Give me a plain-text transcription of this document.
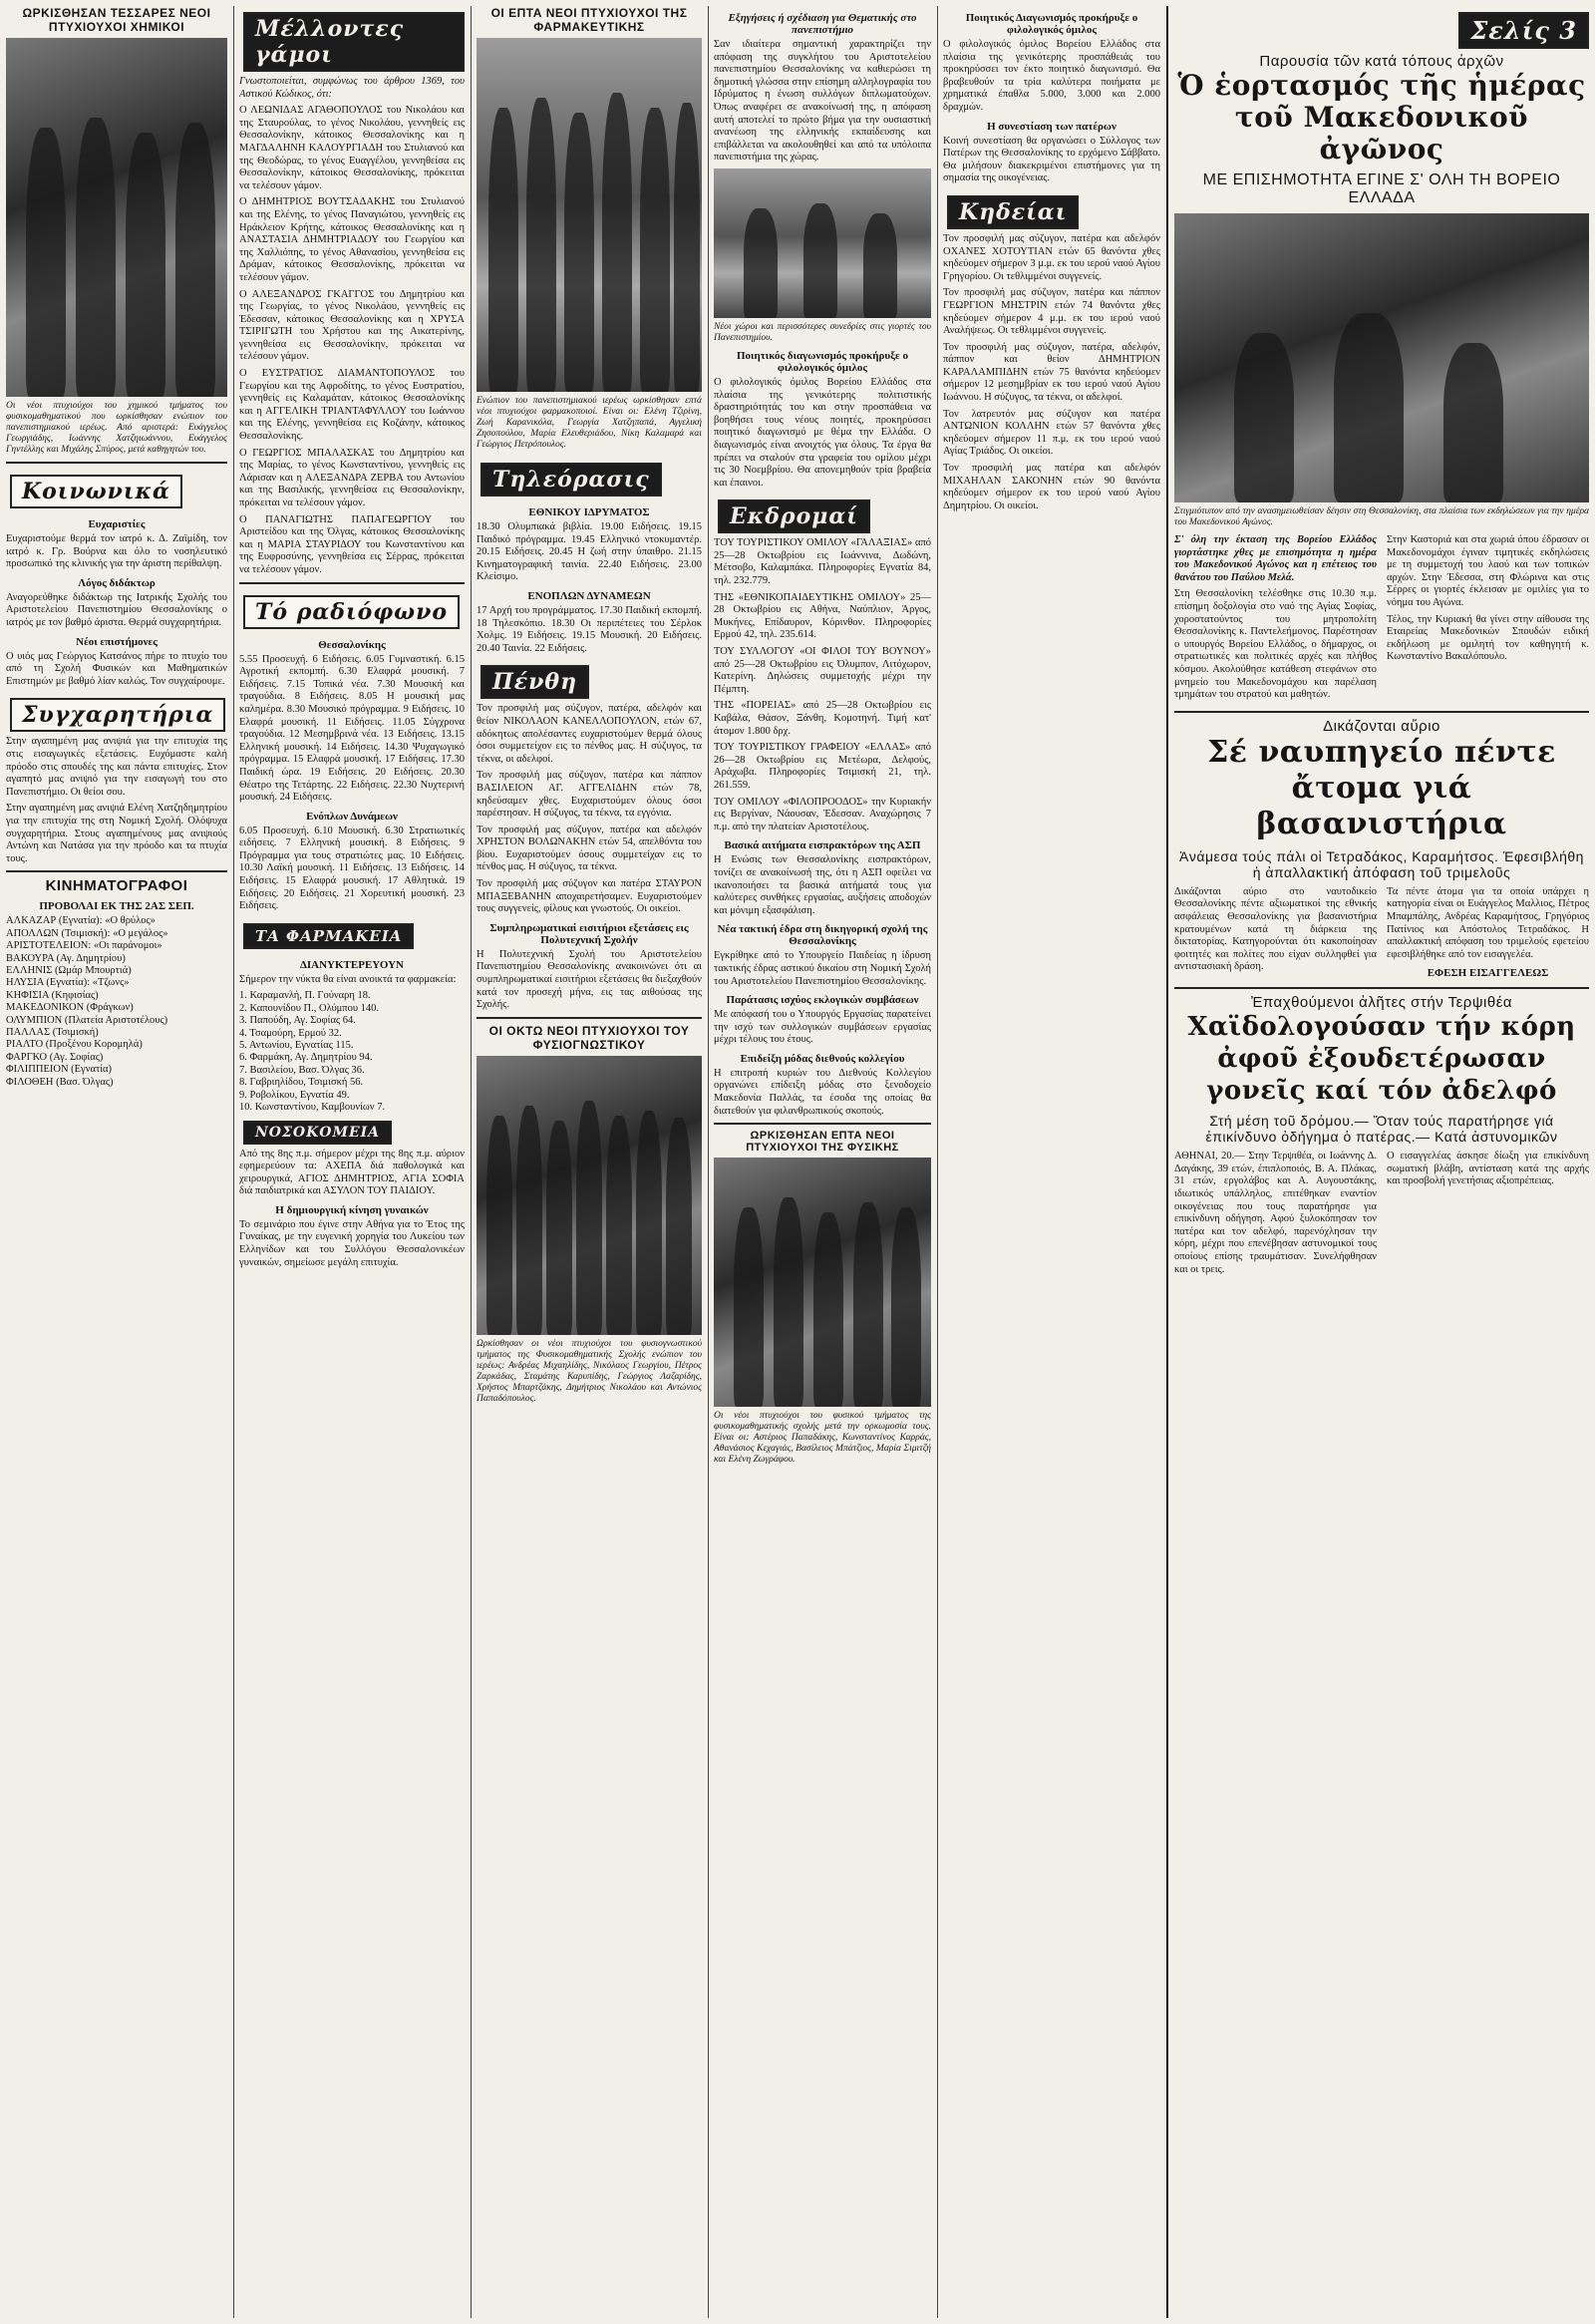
ΩΡΚΙΣΘΗΣΑΝ ΤΕΣΣΑΡΕΣ ΝΕΟΙ ΠΤΥΧΙΟΥΧΟΙ ΧΗΜΙΚΟΙ
Οι νέοι πτυχιούχοι του χημικού τμήματος του φυσικομαθηματικού που ωρκίσθησαν ενώπιον του πανεπιστημιακού ιερέως. Από αριστερά: Ευάγγελος Γεωργιάδης, Ιωάννης Χατζηιωάννου, Ευάγγελος Γηντέλλης και Μιχάλης Σπύρος, μετά καθηγητών του.
Κοινωνικά
Ευχαριστίες

Ευχαριστούμε θερμά τον ιατρό κ. Δ. Ζαϊμίδη, τον ιατρό κ. Γρ. Βούρνα και όλο το νοσηλευτικό προσωπικό της κλινικής για την άριστη περίθαλψη.

Λόγος διδάκτωρ

Αναγορεύθηκε διδάκτωρ της Ιατρικής Σχολής του Αριστοτελείου Πανεπιστημίου Θεσσαλονίκης ο ιατρός με τον βαθμό άριστα. Θερμά συγχαρητήρια.

Νέοι επιστήμονες

Ο υιός μας Γεώργιος Κατσάνος πήρε το πτυχίο του από τη Σχολή Φυσικών και Μαθηματικών Επιστημών με βαθμό λίαν καλώς. Τον συγχαίρουμε.

Συγχαρητήρια

Στην αγαπημένη μας ανιψιά για την επιτυχία της στις εισαγωγικές εξετάσεις. Ευχόμαστε καλή πρόοδο στις σπουδές της και πάντα επιτυχίες. Στον αγαπητό μας ανιψιό για την εισαγωγή του στο Πανεπιστήμιο. Οι θείοι σου.

Στην αγαπημένη μας ανιψιά Ελένη Χατζηδημητρίου για την επιτυχία της στη Νομική Σχολή. Ολόψυχα συγχαρητήρια. Στους αγαπημένους μας ανιψιούς Αντώνη και Νατάσα για την πρόοδο και τα πτυχία τους.

ΚΙΝΗΜΑΤΟΓΡΑΦΟΙ
ΠΡΟΒΟΛΑΙ ΕΚ ΤΗΣ 2ΑΣ ΣΕΠ.
ΑΛΚΑΖΑΡ (Εγνατία): «Ο θρύλος»
ΑΠΟΛΛΩΝ (Τσιμισκή): «Ο μεγάλος»
ΑΡΙΣΤΟΤΕΛΕΙΟΝ: «Οι παράνομοι»
ΒΑΚΟΥΡΑ (Αγ. Δημητρίου)
ΕΛΛΗΝΙΣ (Ωμάρ Μπουρτιά)
ΗΛΥΣΙΑ (Εγνατία): «Τζωνς»
ΚΗΦΙΣΙΑ (Κηφισίας)
ΜΑΚΕΔΟΝΙΚΟΝ (Φράγκων)
ΟΛΥΜΠΙΟΝ (Πλατεία Αριστοτέλους)
ΠΑΛΛΑΣ (Τσιμισκή)
ΡΙΑΛΤΟ (Προξένου Κορομηλά)
ΦΑΡΓΚΟ (Αγ. Σοφίας)
ΦΙΛΙΠΠΕΙΟΝ (Εγνατία)
ΦΙΛΟΘΕΗ (Βασ. Όλγας)
Μέλλοντες γάμοι

Γνωστοποιείται, συμφώνως του άρθρου 1369, του Αστικού Κώδικος, ότι:

Ο ΛΕΩΝΙΔΑΣ ΑΓΑΘΟΠΟΥΛΟΣ του Νικολάου και της Σταυρούλας, το γένος Νικολάου, γεννηθείς εις Θεσσαλονίκην, κάτοικος Θεσσαλονίκης και η ΜΑΓΔΑΛΗΝΗ ΚΑΛΟΥΡΓΙΑΔΗ του Στυλιανού και της Θεοδώρας, το γένος Ευαγγέλου, γεννηθείσα εις Θεσσαλονίκην, κάτοικος Θεσσαλονίκης, πρόκειται να τελέσουν γάμον.

Ο ΔΗΜΗΤΡΙΟΣ ΒΟΥΤΣΑΔΑΚΗΣ του Στυλιανού και της Ελένης, το γένος Παναγιώτου, γεννηθείς εις Ηράκλειον Κρήτης, κάτοικος Θεσσαλονίκης και η ΑΝΑΣΤΑΣΙΑ ΔΗΜΗΤΡΙΑΔΟΥ του Γεωργίου και της Χαλλιόπης, το γένος Αθανασίου, γεννηθείσα εις Δράμαν, κάτοικος Θεσσαλονίκης, πρόκειται να τελέσουν γάμον.

Ο ΑΛΕΞΑΝΔΡΟΣ ΓΚΑΓΓΟΣ του Δημητρίου και της Γεωργίας, το γένος Νικολάου, γεννηθείς εις Έδεσσαν, κάτοικος Θεσσαλονίκης και η ΧΡΥΣΑ ΤΣΙΡΙΓΩΤΗ του Χρήστου και της Αικατερίνης, γεννηθείσα εις Θεσσαλονίκην, πρόκειται να τελέσουν γάμον.

Ο ΕΥΣΤΡΑΤΙΟΣ ΔΙΑΜΑΝΤΟΠΟΥΛΟΣ του Γεωργίου και της Αφροδίτης, το γένος Ευστρατίου, γεννηθείς εις Καλαμάταν, κάτοικος Θεσσαλονίκης και η ΑΓΓΕΛΙΚΗ ΤΡΙΑΝΤΑΦΥΛΛΟΥ του Ιωάννου και της Ελένης, γεννηθείσα εις Κοζάνην, κάτοικος Θεσσαλονίκης.

Ο ΓΕΩΡΓΙΟΣ ΜΠΑΛΑΣΚΑΣ του Δημητρίου και της Μαρίας, το γένος Κωνσταντίνου, γεννηθείς εις Λάρισαν και η ΑΛΕΞΑΝΔΡΑ ΖΕΡΒΑ του Αντωνίου και της Βασιλικής, γεννηθείσα εις Θεσσαλονίκην, πρόκειται να τελέσουν γάμον.

Ο ΠΑΝΑΓΙΩΤΗΣ ΠΑΠΑΓΕΩΡΓΙΟΥ του Αριστείδου και της Όλγας, κάτοικος Θεσσαλονίκης και η ΜΑΡΙΑ ΣΤΑΥΡΙΔΟΥ του Κωνσταντίνου και της Ευφροσύνης, γεννηθείσα εις Σέρρας, πρόκειται να τελέσουν γάμον.

Τό ραδιόφωνο
Θεσσαλονίκης

5.55 Προσευχή. 6 Ειδήσεις. 6.05 Γυμναστική. 6.15 Αγροτική εκπομπή. 6.30 Ελαφρά μουσική. 7 Ειδήσεις. 7.15 Τοπικά νέα. 7.30 Μουσική και τραγούδια. 8 Ειδήσεις. 8.05 Η μουσική μας καλημέρα. 8.30 Μουσικό πρόγραμμα. 9 Ειδήσεις. 10 Ελαφρά μουσική. 11 Ειδήσεις. 11.05 Σύγχρονα τραγούδια. 12 Μεσημβρινά νέα. 13 Ειδήσεις. 13.15 Ελληνική μουσική. 14 Ειδήσεις. 14.30 Ψυχαγωγικό πρόγραμμα. 15 Ελαφρά μουσική. 17 Ειδήσεις. 17.30 Παιδική ώρα. 19 Ειδήσεις. 20 Ειδήσεις. 20.30 Θέατρο της Τετάρτης. 22 Ειδήσεις. 22.30 Νυχτερινή μουσική. 24 Ειδήσεις.

Ενόπλων Δυνάμεων

6.05 Προσευχή. 6.10 Μουσική. 6.30 Στρατιωτικές ειδήσεις. 7 Ελληνική μουσική. 8 Ειδήσεις. 9 Πρόγραμμα για τους στρατιώτες μας. 10 Ειδήσεις. 10.30 Λαϊκή μουσική. 11 Ειδήσεις. 13 Ειδήσεις. 14 Ειδήσεις. 15 Ελαφρά μουσική. 17 Αθλητικά. 19 Ειδήσεις. 20 Ειδήσεις. 21 Χορευτική μουσική. 23 Ειδήσεις.

ΤΑ ΦΑΡΜΑΚΕΙΑ
ΔΙΑΝΥΚΤΕΡΕΥΟΥΝ

Σήμερον την νύκτα θα είναι ανοικτά τα φαρμακεία:

1. Καραμανλή, Π. Γούναρη 18.
2. Καπουνίδου Π., Ολύμπου 140.
3. Παπούδη, Αγ. Σοφίας 64.
4. Τσαμούρη, Ερμού 32.
5. Αντωνίου, Εγνατίας 115.
6. Φαρμάκη, Αγ. Δημητρίου 94.
7. Βασιλείου, Βασ. Όλγας 36.
8. Γαβριηλίδου, Τσιμισκή 56.
9. Ροβολίκου, Εγνατία 49.
10. Κωνσταντίνου, Καμβουνίων 7.
ΝΟΣΟΚΟΜΕΙΑ

Από της 8ης π.μ. σήμερον μέχρι της 8ης π.μ. αύριον εφημερεύουν τα: ΑΧΕΠΑ διά παθολογικά και χειρουργικά, ΑΓΙΟΣ ΔΗΜΗΤΡΙΟΣ, ΑΓΙΑ ΣΟΦΙΑ διά παιδιατρικά και ΑΣΥΛΟΝ ΤΟΥ ΠΑΙΔΙΟΥ.

Η δημιουργική κίνηση γυναικών

Το σεμινάριο που έγινε στην Αθήνα για το Έτος της Γυναίκας, με την ευγενική χορηγία του Λυκείου των Ελληνίδων και του Συλλόγου Θεσσαλονικέων γυναικών, σημείωσε μεγάλη επιτυχία.

ΟΙ ΕΠΤΑ ΝΕΟΙ ΠΤΥΧΙΟΥΧΟΙ ΤΗΣ ΦΑΡΜΑΚΕΥΤΙΚΗΣ
Ενώπιον του πανεπιστημιακού ιερέως ωρκίσθησαν επτά νέοι πτυχιούχοι φαρμακοποιοί. Είναι οι: Ελένη Τζιρίνη, Ζωή Καρανικόλα, Γεωργία Χατζηπαπά, Αγγελική Ζησοπούλου, Μαρία Ελευθεριάδου, Νίκη Καλαμαρά και Γεώργιος Πετρόπουλος.
Τηλεόρασις
ΕΘΝΙΚΟΥ ΙΔΡΥΜΑΤΟΣ

18.30 Ολυμπιακά βιβλία. 19.00 Ειδήσεις. 19.15 Παιδικό πρόγραμμα. 19.45 Ελληνικό ντοκυμαντέρ. 20.15 Ειδήσεις. 20.45 Η ζωή στην ύπαιθρο. 21.15 Κινηματογραφική ταινία. 22.40 Ειδήσεις. 23.00 Κλείσιμο.

ΕΝΟΠΛΩΝ ΔΥΝΑΜΕΩΝ

17 Αρχή του προγράμματος. 17.30 Παιδική εκπομπή. 18 Τηλεσκόπιο. 18.30 Οι περιπέτειες του Σέρλοκ Χολμς. 19 Ειδήσεις. 19.15 Μουσική. 20 Ειδήσεις. 20.40 Ταινία. 22 Ειδήσεις.

Πένθη

Τον προσφιλή μας σύζυγον, πατέρα, αδελφόν και θείον ΝΙΚΟΛΑΟΝ ΚΑΝΕΛΛΟΠΟΥΛΟΝ, ετών 67, αδόκητως απολέσαντες ευχαριστούμεν θερμά όλους όσοι συμμετείχον εις το πένθος μας. Η σύζυγος, τα τέκνα, οι αδελφοί.

Τον προσφιλή μας σύζυγον, πατέρα και πάππον ΒΑΣΙΛΕΙΟΝ ΑΓ. ΑΓΓΕΛΙΔΗΝ ετών 78, κηδεύσαμεν χθες. Ευχαριστούμεν όλους όσοι παρέστησαν. Η σύζυγος, τα τέκνα, τα εγγόνια.

Τον προσφιλή μας σύζυγον, πατέρα και αδελφόν ΧΡΗΣΤΟΝ ΒΟΛΩΝΑΚΗΝ ετών 54, απελθόντα του βίου. Ευχαριστούμεν όσους συμμετείχαν εις το πένθος μας. Η σύζυγος, τα τέκνα.

Τον προσφιλή μας σύζυγον και πατέρα ΣΤΑΥΡΟΝ ΜΠΑΞΕΒΑΝΗΝ αποχαιρετήσαμεν. Ευχαριστούμεν τους συγγενείς, φίλους και γνωστούς. Οι οικείοι.

Συμπληρωματικαί εισιτήριοι εξετάσεις εις Πολυτεχνική Σχολήν

Η Πολυτεχνική Σχολή του Αριστοτελείου Πανεπιστημίου Θεσσαλονίκης ανακοινώνει ότι αι συμπληρωματικαί εισιτήριοι εξετάσεις θα διεξαχθούν κατά τον προσεχή μήνα, εις τας αιθούσας της Σχολής.

ΟΙ ΟΚΤΩ ΝΕΟΙ ΠΤΥΧΙΟΥΧΟΙ ΤΟΥ ΦΥΣΙΟΓΝΩΣΤΙΚΟΥ
Ωρκίσθησαν οι νέοι πτυχιούχοι του φυσιογνωστικού τμήματος της Φυσικομαθηματικής Σχολής ενώπιον του ιερέως: Ανδρέας Μιχαηλίδης, Νικόλαος Γεωργίου, Πέτρος Ζαρκάδας, Σταμάτης Καρυπίδης, Γεώργιος Λαζαρίδης, Χρήστος Μπαρτζάκης, Δημήτριος Νικολάου και Αντώνιος Παπαδόπουλος.
Εξηγήσεις ή σχέδιαση για Θεματικής στο πανεπιστήμιο

Σαν ιδιαίτερα σημαντική χαρακτηρίζει την απόφαση της συγκλήτου του Αριστοτελείου πανεπιστημίου Θεσσαλονίκης να καθιερώσει τη δημοτική γλώσσα στην επίσημη αλληλογραφία του Ιδρύματος η ένωση συλλόγων διπλωματούχων. Όπως αναφέρει σε ανακοίνωσή της, η απόφαση αυτή αποτελεί το πρώτο βήμα για την ουσιαστική ανανέωση της ελληνικής εκπαίδευσης και επιβάλλεται να ακολουθηθεί και από τα υπόλοιπα πανεπιστήμια της χώρας.

Νέοι χώροι και περισσότερες συνεδρίες στις γιορτές του Πανεπιστημίου.
Ποιητικός διαγωνισμός προκήρυξε ο φιλολογικός όμιλος

Ο φιλολογικός όμιλος Βορείου Ελλάδος στα πλαίσια της γενικότερης πολιτιστικής δραστηριότητάς του και στην προσπάθεια να βοηθήσει τους νέους ποιητές, προκηρύσσει ποιητικό διαγωνισμό με θέμα την Ελλάδα. Ο διαγωνισμός είναι ανοιχτός για όλους. Τα έργα θα πρέπει να σταλούν στα γραφεία του ομίλου μέχρι τις 30 Νοεμβρίου. Θα απονεμηθούν τρία βραβεία και έπαινοι.

Εκδρομαί

ΤΟΥ ΤΟΥΡΙΣΤΙΚΟΥ ΟΜΙΛΟΥ «ΓΑΛΑΞΙΑΣ» από 25—28 Οκτωβρίου εις Ιωάννινα, Δωδώνη, Μέτσοβο, Καλαμπάκα. Πληροφορίες Εγνατία 84, τηλ. 232.779.

ΤΗΣ «ΕΘΝΙΚΟΠΑΙΔΕΥΤΙΚΗΣ ΟΜΙΛΟΥ» 25—28 Οκτωβρίου εις Αθήνα, Ναύπλιον, Άργος, Μυκήνες, Επίδαυρον, Κόρινθον. Πληροφορίες Ερμού 42, τηλ. 235.614.

ΤΟΥ ΣΥΛΛΟΓΟΥ «ΟΙ ΦΙΛΟΙ ΤΟΥ ΒΟΥΝΟΥ» από 25—28 Οκτωβρίου εις Όλυμπον, Λιτόχωρον, Κατερίνη. Δηλώσεις συμμετοχής μέχρι την Πέμπτη.

ΤΗΣ «ΠΟΡΕΙΑΣ» από 25—28 Οκτωβρίου εις Καβάλα, Θάσον, Ξάνθη, Κομοτηνή. Τιμή κατ' άτομον 1.800 δρχ.

ΤΟΥ ΤΟΥΡΙΣΤΙΚΟΥ ΓΡΑΦΕΙΟΥ «ΕΛΛΑΣ» από 26—28 Οκτωβρίου εις Μετέωρα, Δελφούς, Αράχωβα. Πληροφορίες Τσιμισκή 21, τηλ. 261.559.

ΤΟΥ ΟΜΙΛΟΥ «ΦΙΛΟΠΡΟΟΔΟΣ» την Κυριακήν εις Βεργίναν, Νάουσαν, Έδεσσαν. Αναχώρησις 7 π.μ. από την πλατείαν Αριστοτέλους.

Βασικά αιτήματα εισπρακτόρων της ΑΣΠ

Η Ενώσις των Θεσσαλονίκης εισπρακτόρων, τονίζει σε ανακοίνωσή της, ότι η ΑΣΠ οφείλει να ικανοποιήσει τα βασικά αιτήματά τους για καλύτερες συνθήκες εργασίας, αυξήσεις αποδοχών και μόνιμη εξασφάλιση.

Νέα τακτική έδρα στη δικηγορική σχολή της Θεσσαλονίκης

Εγκρίθηκε από το Υπουργείο Παιδείας η ίδρυση τακτικής έδρας αστικού δικαίου στη Νομική Σχολή του Αριστοτελείου Πανεπιστημίου Θεσσαλονίκης.

Παράτασις ισχύος εκλογικών συμβάσεων

Με απόφασή του ο Υπουργός Εργασίας παρατείνει την ισχύ των συλλογικών συμβάσεων εργασίας μέχρι τέλους του έτους.

Επιδείξη μόδας διεθνούς κολλεγίου

Η επιτροπή κυριών του Διεθνούς Κολλεγίου οργανώνει επίδειξη μόδας στο ξενοδοχείο Μακεδονία Παλλάς, τα έσοδα της οποίας θα διατεθούν για φιλανθρωπικούς σκοπούς.

ΩΡΚΙΣΘΗΣΑΝ ΕΠΤΑ ΝΕΟΙ ΠΤΥΧΙΟΥΧΟΙ ΤΗΣ ΦΥΣΙΚΗΣ
Οι νέοι πτυχιούχοι του φυσικού τμήματος της φυσικομαθηματικής σχολής μετά την ορκωμοσία τους. Είναι οι: Αστέριος Παπαδάκης, Κωνσταντίνος Καρράς, Αθανάσιος Κεχαγιάς, Βασίλειος Μπάτζιος, Μαρία Σιμιτζή και Ελένη Ζωγράφου.
Ποιητικός Διαγωνισμός προκήρυξε ο φιλολογικός όμιλος

Ο φιλολογικός όμιλος Βορείου Ελλάδος στα πλαίσια της γενικότερης προσπάθειάς του προκηρύσσει τον έκτο ποιητικό διαγωνισμό. Θα βραβευθούν τα τρία καλύτερα ποιήματα με χρηματικά έπαθλα 5.000, 3.000 και 2.000 δραχμών.

Η συνεστίαση των πατέρων

Κοινή συνεστίαση θα οργανώσει ο Σύλλογος των Πατέρων της Θεσσαλονίκης το ερχόμενο Σάββατο. Θα μιλήσουν διακεκριμένοι επιστήμονες για τη σημασία της οικογένειας.

Κηδείαι

Τον προσφιλή μας σύζυγον, πατέρα και αδελφόν ΟΧΑΝΕΣ ΧΟΤΟΥΤΙΑΝ ετών 65 θανόντα χθες κηδεύομεν σήμερον 3 μ.μ. εκ του ιερού ναού Αγίου Γρηγορίου. Οι τεθλιμμένοι συγγενείς.

Τον προσφιλή μας σύζυγον, πατέρα και πάππον ΓΕΩΡΓΙΟΝ ΜΗΣΤΡΙΝ ετών 74 θανόντα χθες κηδεύομεν σήμερον 4 μ.μ. εκ του ιερού ναού Αναλήψεως. Οι τεθλιμμένοι συγγενείς.

Τον προσφιλή μας σύζυγον, πατέρα, αδελφόν, πάππον και θείον ΔΗΜΗΤΡΙΟΝ ΚΑΡΑΛΑΜΠΙΔΗΝ ετών 75 θανόντα κηδεύομεν σήμερον 12 μεσημβρίαν εκ του ιερού ναού Αγίου Ιωάννου. Η σύζυγος, τα τέκνα, οι αδελφοί.

Τον λατρευτόν μας σύζυγον και πατέρα ΑΝΤΩΝΙΟΝ ΚΟΛΛΗΝ ετών 57 θανόντα χθες κηδεύομεν σήμερον 11 π.μ. εκ του ιερού ναού Αγίας Τριάδος. Οι οικείοι.

Τον προσφιλή μας πατέρα και αδελφόν ΜΙΧΑΗΛΑΝ ΣΑΚΟΝΗΝ ετών 90 θανόντα κηδεύομεν σήμερον εκ του ιερού ναού Αγίου Δημητρίου. Οι οικείοι.

Σελίς 3
Παρουσία τῶν κατά τόπους ἀρχῶν
Ὁ ἑορτασμός τῆς ἡμέρας τοῦ Μακεδονικοῦ ἀγῶνος
ΜΕ ΕΠΙΣΗΜΟΤΗΤΑ ΕΓΙΝΕ Σ' ΟΛΗ ΤΗ ΒΟΡΕΙΟ ΕΛΛΑΔΑ
Στιγμιότυπον από την ανασημειωθείσαν δέησιν στη Θεσσαλονίκη, στα πλαίσια των εκδηλώσεων για την ημέρα του Μακεδονικού Αγώνος.

Σ' όλη την έκταση της Βορείου Ελλάδος γιορτάστηκε χθες με επισημότητα η ημέρα του Μακεδονικού Αγώνος και η επέτειος του θανάτου του Παύλου Μελά.

Στη Θεσσαλονίκη τελέσθηκε στις 10.30 π.μ. επίσημη δοξολογία στο ναό της Αγίας Σοφίας, χοροστατούντος του μητροπολίτη Θεσσαλονίκης κ. Παντελεήμονος. Παρέστησαν ο υπουργός Βορείου Ελλάδος, ο δήμαρχος, οι στρατιωτικές και πολιτικές αρχές και πλήθος κόσμου. Ακολούθησε κατάθεση στεφάνων στο μνημείο του Μακεδονομάχου και παρέλαση τμημάτων του στρατού και μαθητών.

Στην Καστοριά και στα χωριά όπου έδρασαν οι Μακεδονομάχοι έγιναν τιμητικές εκδηλώσεις με τη συμμετοχή του λαού και των τοπικών αρχών. Στην Έδεσσα, στη Φλώρινα και στις Σέρρες οι γιορτές έκλεισαν με ομιλίες για το νόημα του Αγώνα.

Τέλος, την Κυριακή θα γίνει στην αίθουσα της Εταιρείας Μακεδονικών Σπουδών ειδική εκδήλωση με ομιλητή τον καθηγητή κ. Κωνσταντίνο Βακαλόπουλο.

Δικάζονται αὔριο
Σέ ναυπηγείο πέντε ἄτομα γιά βασανιστήρια
Ἀνάμεσα τούς πάλι οἱ Τετραδάκος, Καραμήτσος. Ἐφεσιβλήθη ἡ ἀπαλλακτική ἀπόφαση τοῦ τριμελοῦς

Δικάζονται αύριο στο ναυτοδικείο Θεσσαλονίκης πέντε αξιωματικοί της εθνικής ασφάλειας Θεσσαλονίκης για βασανιστήρια κρατουμένων κατά τη διάρκεια της δικτατορίας. Κατηγορούνται ότι κακοποίησαν φοιτητές και πολίτες που είχαν συλληφθεί για αντιστασιακή δράση.

Τα πέντε άτομα για τα οποία υπάρχει η κατηγορία είναι οι Ευάγγελος Μαλλιος, Πέτρος Μπαμπάλης, Ανδρέας Καραμήτσος, Γρηγόριος Πατίνιος και Απόστολος Τετραδάκος. Η απαλλακτική απόφαση του τριμελούς εφετείου εφεσιβλήθηκε από τον εισαγγελέα.

ΕΦΕΣΗ ΕΙΣΑΓΓΕΛΕΩΣ
Ἐπαχθούμενοι ἀλῆτες στήν Τερψιθέα
Χαϊδολογούσαν τήν κόρη ἀφοῦ ἐξουδετέρωσαν γονεῖς καί τόν ἀδελφό
Στή μέση τοῦ δρόμου.— Ὅταν τούς παρατήρησε γιά ἐπικίνδυνο ὀδήγημα ὁ πατέρας.— Κατά ἀστυνομικῶν

ΑΘΗΝΑΙ, 20.— Στην Τερψιθέα, οι Ιωάννης Δ. Δαγάκης, 39 ετών, έπιπλοποιός, Β. Α. Πλάκας, 31 ετών, εργολάβος και Α. Αυγουστάκης, ιδιωτικός υπάλληλος, επιτέθηκαν εναντίον οικογένειας που τους παρατήρησε για επικίνδυνη οδήγηση. Αφού ξυλοκόπησαν τον πατέρα και τον αδελφό, παρενόχλησαν την κόρη, μέχρι που επενέβησαν αστυνομικοί τους οποίους επίσης τραυμάτισαν. Συνελήφθησαν και οι τρεις.

Ο εισαγγελέας άσκησε δίωξη για επικίνδυνη σωματική βλάβη, αντίσταση κατά της αρχής και προσβολή γενετήσιας αξιοπρέπειας.
